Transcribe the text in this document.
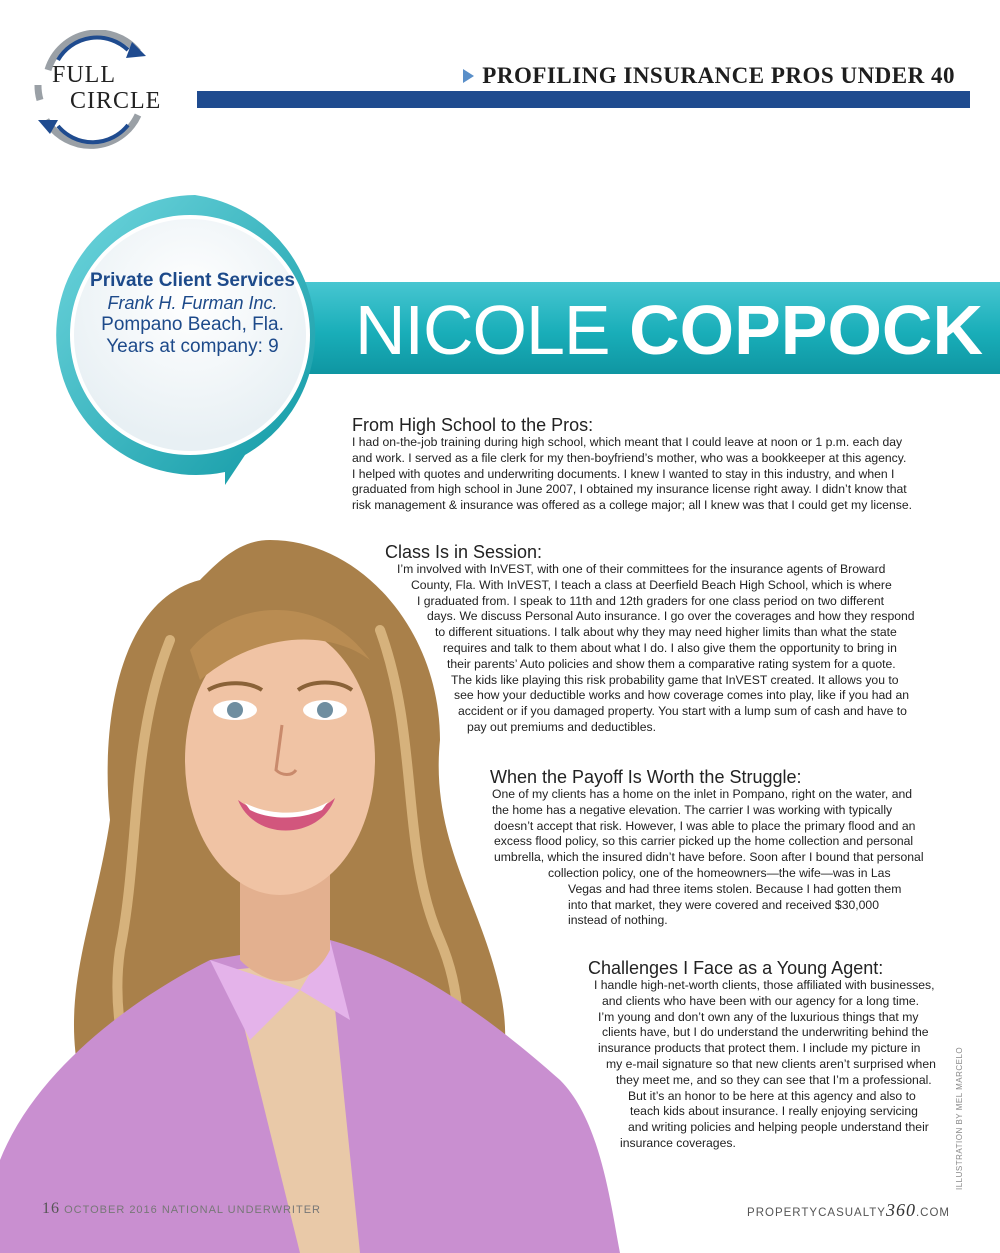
FULL
CIRCLE
PROFILING INSURANCE PROS UNDER 40
NICOLE COPPOCK
Private Client Services
Frank H. Furman Inc.
Pompano Beach, Fla.
Years at company: 9
From High School to the Pros:
I had on-the-job training during high school, which meant that I could leave at noon or 1 p.m. each day
and work. I served as a file clerk for my then-boyfriend’s mother, who was a bookkeeper at this agency.
I helped with quotes and underwriting documents. I knew I wanted to stay in this industry, and when I
graduated from high school in June 2007, I obtained my insurance license right away. I didn’t know that
risk management & insurance was offered as a college major; all I knew was that I could get my license.
Class Is in Session:
I’m involved with InVEST, with one of their committees for the insurance agents of Broward
County, Fla. With InVEST, I teach a class at Deerfield Beach High School, which is where
I graduated from. I speak to 11th and 12th graders for one class period on two different
days. We discuss Personal Auto insurance. I go over the coverages and how they respond
to different situations. I talk about why they may need higher limits than what the state
requires and talk to them about what I do. I also give them the opportunity to bring in
their parents’ Auto policies and show them a comparative rating system for a quote.
The kids like playing this risk probability game that InVEST created. It allows you to
see how your deductible works and how coverage comes into play, like if you had an
accident or if you damaged property. You start with a lump sum of cash and have to
pay out premiums and deductibles.
When the Payoff Is Worth the Struggle:
One of my clients has a home on the inlet in Pompano, right on the water, and
the home has a negative elevation. The carrier I was working with typically
doesn’t accept that risk. However, I was able to place the primary flood and an
excess flood policy, so this carrier picked up the home collection and personal
umbrella, which the insured didn’t have before. Soon after I bound that personal
collection policy, one of the homeowners—the wife—was in Las
Vegas and had three items stolen. Because I had gotten them
into that market, they were covered and received $30,000
instead of nothing.
Challenges I Face as a Young Agent:
I handle high-net-worth clients, those affiliated with businesses,
and clients who have been with our agency for a long time.
I’m young and don’t own any of the luxurious things that my
clients have, but I do understand the underwriting behind the
insurance products that protect them. I include my picture in
my e-mail signature so that new clients aren’t surprised when
they meet me, and so they can see that I’m a professional.
But it’s an honor to be here at this agency and also to
teach kids about insurance. I really enjoying servicing
and writing policies and helping people understand their
insurance coverages.	ILLUSTRATION BY MEL MARCELO
16 OCTOBER 2016 NATIONAL UNDERWRITER	PROPERTYCASUALTY360.COM
